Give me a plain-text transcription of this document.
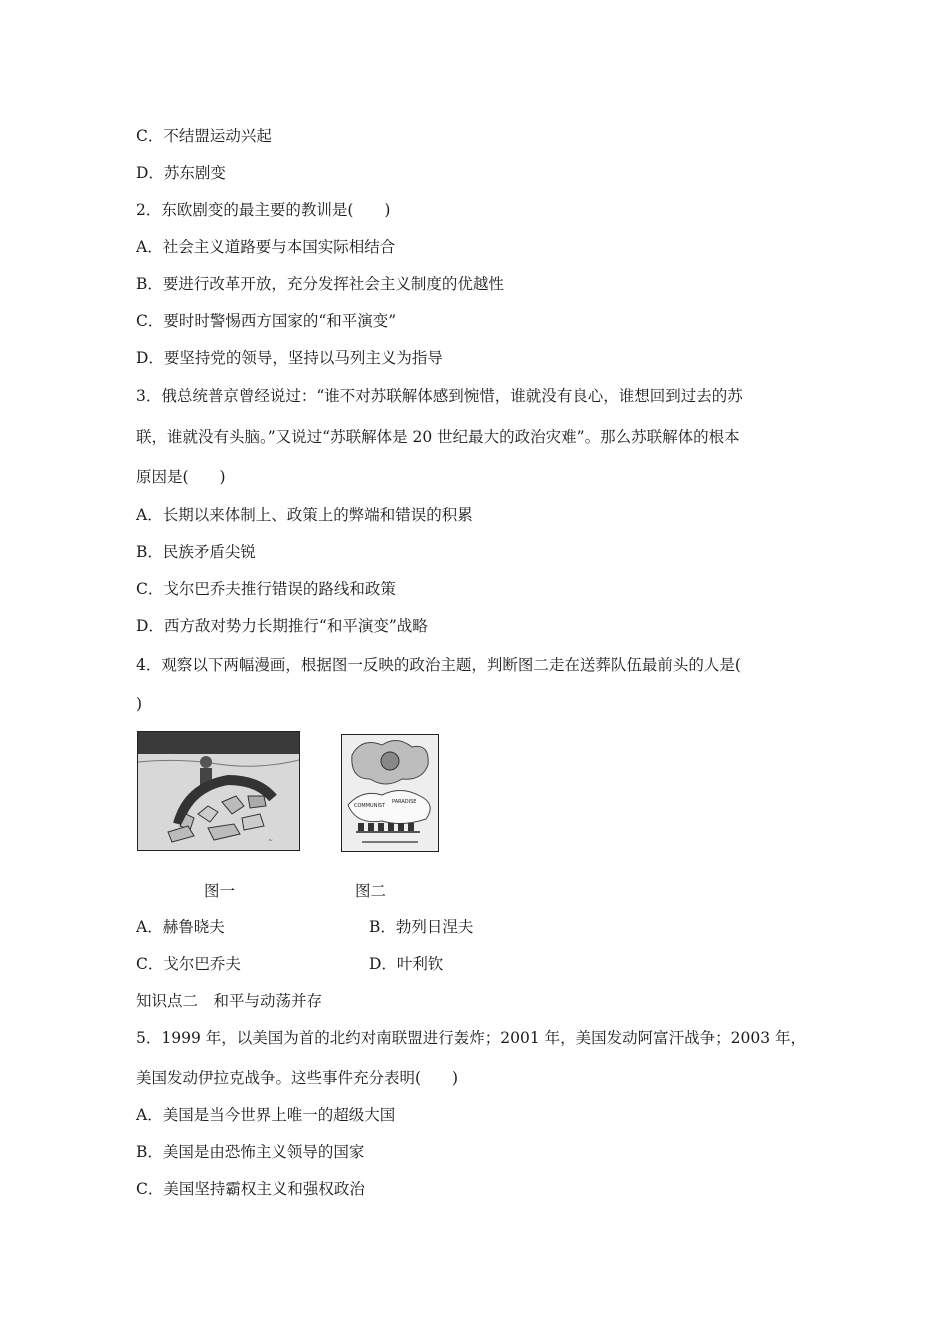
C．不结盟运动兴起
D．苏东剧变
2．东欧剧变的最主要的教训是(　　)
A．社会主义道路要与本国实际相结合
B．要进行改革开放，充分发挥社会主义制度的优越性
C．要时时警惕西方国家的“和平演变”
D．要坚持党的领导，坚持以马列主义为指导
3．俄总统普京曾经说过：“谁不对苏联解体感到惋惜，谁就没有良心，谁想回到过去的苏
联，谁就没有头脑。”又说过“苏联解体是 20 世纪最大的政治灾难”。那么苏联解体的根本
原因是(　　)
A．长期以来体制上、政策上的弊端和错误的积累
B．民族矛盾尖锐
C．戈尔巴乔夫推行错误的路线和政策
D．西方敌对势力长期推行“和平演变”战略
4．观察以下两幅漫画，根据图一反映的政治主题，判断图二走在送葬队伍最前头的人是(
)
~
COMMUNIST
PARADISE
图一	图二
A．赫鲁晓夫	B．勃列日涅夫
C．戈尔巴乔夫	D．叶利钦
知识点二　和平与动荡并存
5．1999 年，以美国为首的北约对南联盟进行轰炸；2001 年，美国发动阿富汗战争；2003 年，
美国发动伊拉克战争。这些事件充分表明(　　)
A．美国是当今世界上唯一的超级大国
B．美国是由恐怖主义领导的国家
C．美国坚持霸权主义和强权政治
